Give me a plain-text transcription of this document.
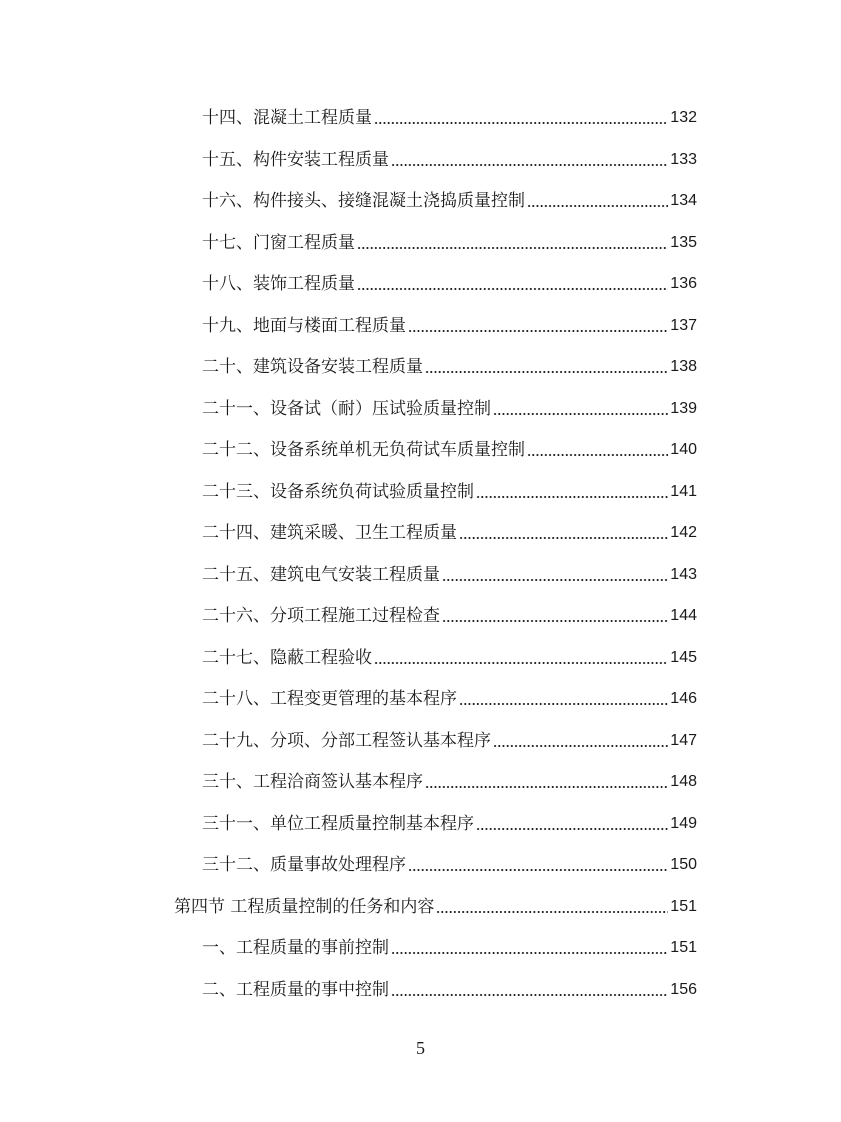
十四、混凝土工程质量	132
十五、构件安装工程质量	133
十六、构件接头、接缝混凝土浇捣质量控制	134
十七、门窗工程质量	135
十八、装饰工程质量	136
十九、地面与楼面工程质量	137
二十、建筑设备安装工程质量	138
二十一、设备试（耐）压试验质量控制	139
二十二、设备系统单机无负荷试车质量控制	140
二十三、设备系统负荷试验质量控制	141
二十四、建筑采暖、卫生工程质量	142
二十五、建筑电气安装工程质量	143
二十六、分项工程施工过程检查	144
二十七、隐蔽工程验收	145
二十八、工程变更管理的基本程序	146
二十九、分项、分部工程签认基本程序	147
三十、工程洽商签认基本程序	148
三十一、单位工程质量控制基本程序	149
三十二、质量事故处理程序	150
第四节 工程质量控制的任务和内容	151
一、工程质量的事前控制	151
二、工程质量的事中控制	156
5
